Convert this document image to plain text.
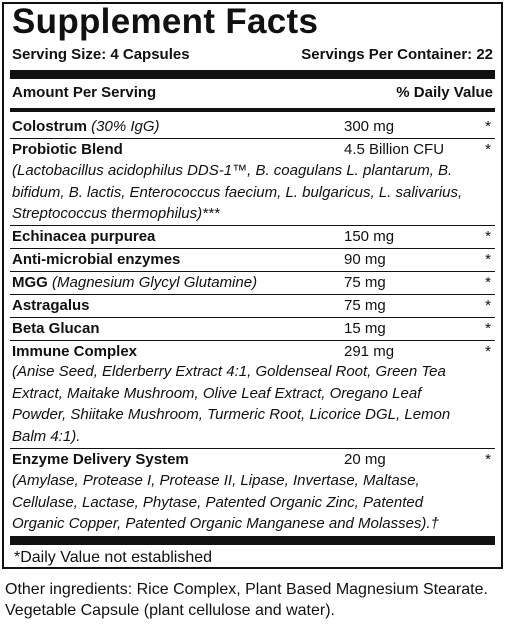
Supplement Facts
Serving Size: 4 Capsules	Servings Per Container: 22
Amount Per Serving	% Daily Value
Colostrum (30% IgG)	300 mg	*
Probiotic Blend	4.5 Billion CFU	*
(Lactobacillus acidophilus DDS-1™, B. coagulans L. plantarum, B. bifidum, B. lactis, Enterococcus faecium, L. bulgaricus, L. salivarius, Streptococcus thermophilus)***
Echinacea purpurea	150 mg	*
Anti-microbial enzymes	90 mg	*
MGG (Magnesium Glycyl Glutamine)	75 mg	*
Astragalus	75 mg	*
Beta Glucan	15 mg	*
Immune Complex	291 mg	*
(Anise Seed, Elderberry Extract 4:1, Goldenseal Root, Green Tea Extract, Maitake Mushroom, Olive Leaf Extract, Oregano Leaf Powder, Shiitake Mushroom, Turmeric Root, Licorice DGL, Lemon Balm 4:1).
Enzyme Delivery System	20 mg	*
(Amylase, Protease I, Protease II, Lipase, Invertase, Maltase, Cellulase, Lactase, Phytase, Patented Organic Zinc, Patented Organic Copper, Patented Organic Manganese and Molasses).†
*Daily Value not established
Other ingredients: Rice Complex, Plant Based Magnesium Stearate. Vegetable Capsule (plant cellulose and water).
